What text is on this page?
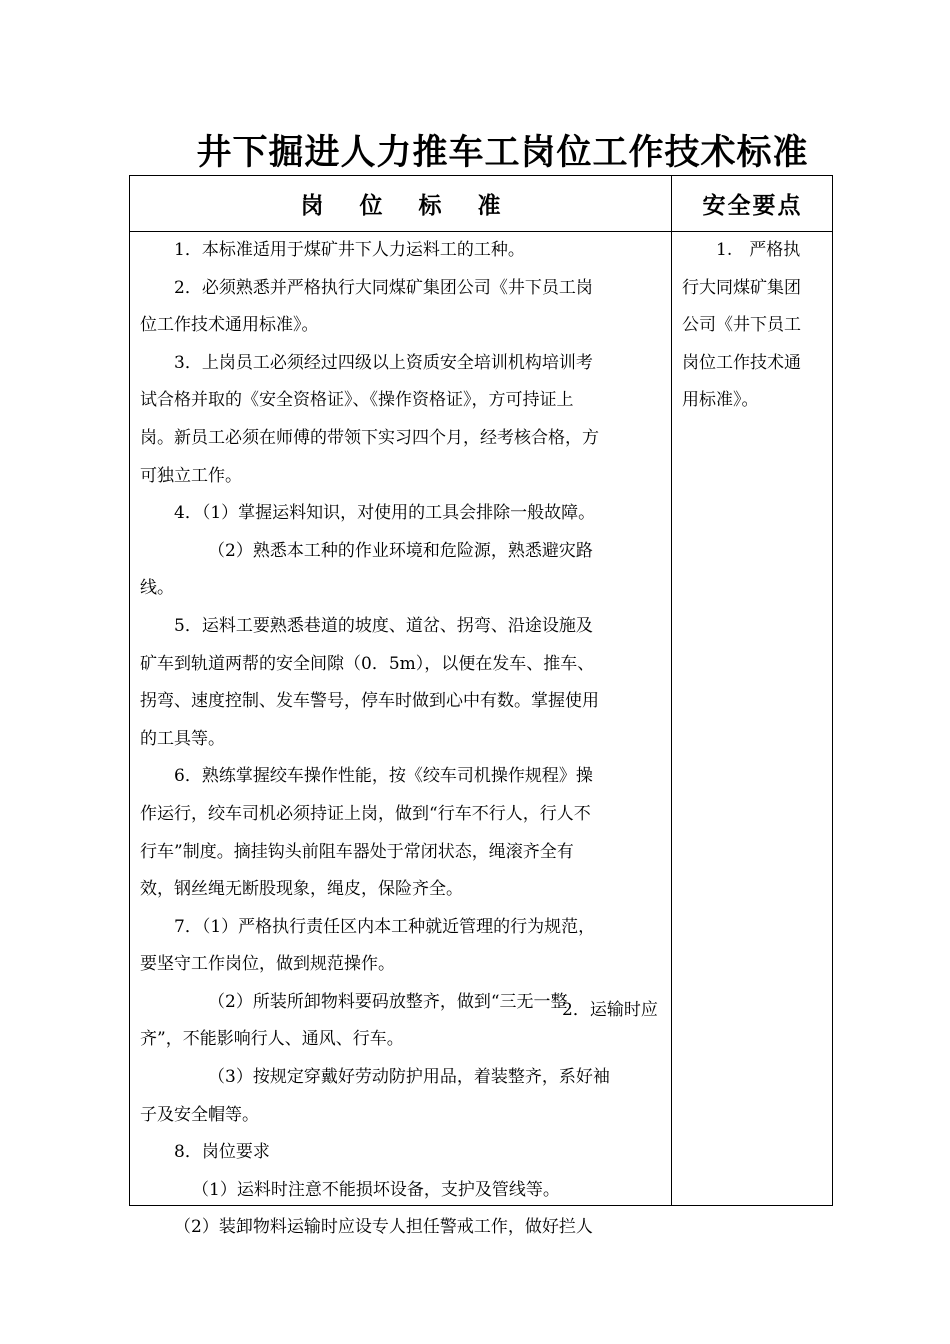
井下掘进人力推车工岗位工作技术标准
岗 位 标 准	安全要点

1．本标准适用于煤矿井下人力运料工的工种。

2．必须熟悉并严格执行大同煤矿集团公司《井下员工岗

位工作技术通用标准》。

3．上岗员工必须经过四级以上资质安全培训机构培训考

试合格并取的《安全资格证》、《操作资格证》，方可持证上

岗。新员工必须在师傅的带领下实习四个月，经考核合格，方

可独立工作。

4．（1）掌握运料知识，对使用的工具会排除一般故障。

（2）熟悉本工种的作业环境和危险源，熟悉避灾路

线。

5．运料工要熟悉巷道的坡度、道岔、拐弯、沿途设施及

矿车到轨道两帮的安全间隙（0．5m），以便在发车、推车、

拐弯、速度控制、发车警号，停车时做到心中有数。掌握使用

的工具等。

6．熟练掌握绞车操作性能，按《绞车司机操作规程》操

作运行，绞车司机必须持证上岗，做到“行车不行人，行人不

行车”制度。摘挂钩头前阻车器处于常闭状态，绳滚齐全有

效，钢丝绳无断股现象，绳皮，保险齐全。

7．（1）严格执行责任区内本工种就近管理的行为规范，

要坚守工作岗位，做到规范操作。

（2）所装所卸物料要码放整齐，做到“三无一整

齐”，不能影响行人、通风、行车。

（3）按规定穿戴好劳动防护用品，着装整齐，系好袖

子及安全帽等。

8．岗位要求

（1）运料时注意不能损坏设备，支护及管线等。

（2）装卸物料运输时应设专人担任警戒工作，做好拦人

1.　严格执

行大同煤矿集团

公司《井下员工

岗位工作技术通

用标准》。

2．运输时应
